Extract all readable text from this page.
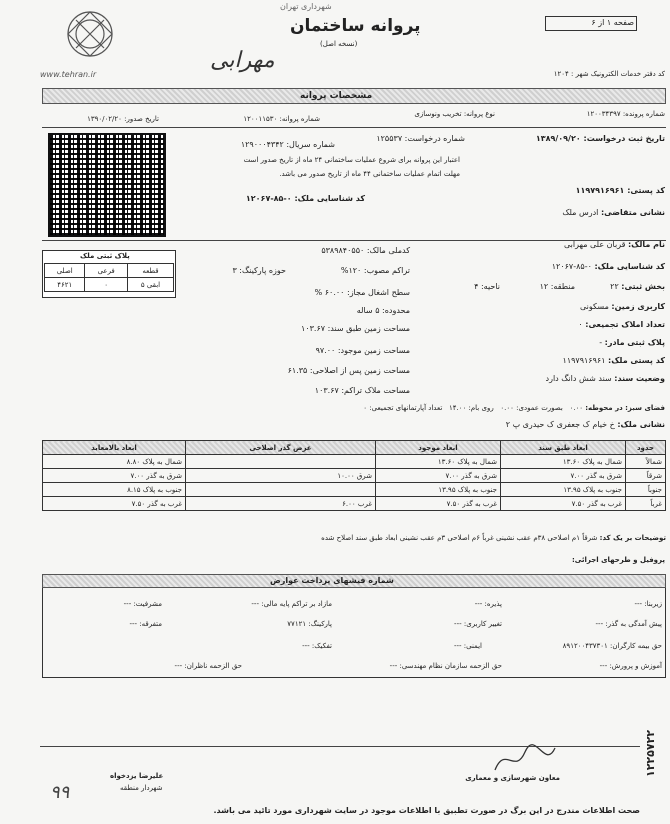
www.tehran.ir
مهرابی
شهرداری تهران
پروانه ساختمان
(نسخه اصل)
صفحه ۱ از ۶
کد دفتر خدمات الکترونیک شهر : ۱۲۰۴
مشخصات پروانه
شماره پرونده: ۱۲۰۰۳۴۳۹۷
نوع پروانه: تخریب ونوسازی
شماره پروانه: ۱۲۰۰۱۱۵۳۰
تاریخ صدور: ۱۳۹۰/۰۲/۲۰
تاریخ ثبت درخواست: ۱۳۸۹/۰۹/۲۰
شماره درخواست: ۱۲۵۵۳۷
شماره سریال: ۱۲۹۰۰۰۴۳۴۲
اعتبار این پروانه برای شروع عملیات ساختمانی ۲۴ ماه از تاریخ صدور است
مهلت اتمام عملیات ساختمانی ۴۴ ماه از تاریخ صدور می باشد.
کد پستی: ۱۱۹۷۹۱۶۹۶۱
کد شناسایی ملک: ۰-۸۵-۱۲۰۶۷
نشانی متقاضی: ادرس ملک
پلاک ثبتی ملک
قطعه	فرعی	اصلی
ابقی ۵	۰	۴۶۲۱
نام مالک: قربان علی مهرابی
کدملی مالک: ۵۳۸۹۸۴۰۵۵۰
کد شناسایی ملک: ۰-۸۵-۱۲۰۶۷
تراکم مصوب: ۱۲۰%
حوزه پارکینگ: ۳
بخش ثبتی: ۲۲
منطقه: ۱۲
ناحیه: ۴
سطح اشغال مجاز: ۶۰.۰۰ %
کاربری زمین: مسکونی
محدوده: ۵ ساله
تعداد املاک تجمیعی: ۰
مساحت زمین طبق سند: ۱۰۳.۶۷
پلاک ثبتی مادر: -
مساحت زمین موجود: ۹۷.۰۰
کد پستی ملک: ۱۱۹۷۹۱۶۹۶۱
مساحت زمین پس از اصلاحی: ۶۱.۳۵
وضعیت سند: سند شش دانگ دارد
مساحت ملاک تراکم: ۱۰۳.۶۷
فضای سبز: در محوطه: ۰.۰۰   بصورت عمودی: ۰.۰۰   روی بام: ۱۴.۰۰   تعداد آپارتمانهای تجمیعی: ۰
نشانی ملک: خ خیام ک جعفری ک حیدری پ ۲
حدود	ابعاد طبق سند	ابعاد موجود	عرض گذر اصلاحی	ابعاد بالامعابد
شمالاً	شمال به پلاک ۱۳.۶۰	شمال به پلاک ۱۳.۶۰		شمال به پلاک ۸.۸۰
شرقاً	شرق به گذر ۷.۰۰	شرق به گذر ۷.۰۰	شرق ۱۰.۰۰	شرق به گذر ۷.۰۰
جنوباً	جنوب به پلاک ۱۳.۹۵	جنوب به پلاک ۱۳.۹۵		جنوب به پلاک ۸.۱۵
غرباً	غرب به گذر ۷.۵۰	غرب به گذر ۷.۵۰	غرب ۶.۰۰	غرب به گذر ۷.۵۰
توضیحات بر یک کد: شرقاً ۱م اصلاحی ۳۸م عقب نشینی غرباً ۶م اصلاحی ۳م عقب نشینی ابعاد طبق سند اصلاح شده
پروفیل و طرحهای اجرائی:
شماره فیشهای پرداخت عوارض
زیربنا: ---
پذیره: ---
مازاد بر تراکم پایه مالی: ---
مشرفیت: ---
پیش آمدگی به گذر: ---
تغییر کاربری: ---
پارکینگ: ۷۷۱۲۱
متفرقه: ---
حق بیمه کارگران: ۸۹۱۲۰۰۴۳۷۳۰۱
ایمنی: ---
تفکیک: ---
آموزش و پرورش: ---
حق الزحمه سازمان نظام مهندسی: ---
حق الزحمه ناظران: ---
معاون شهرسازی و معماری
علیرضا یزدخواه
شهردار منطقه
۹۹
صحت اطلاعات مندرج در این برگ در صورت تطبیق با اطلاعات موجود در سایت شهرداری مورد تائید می باشد.
۱۲۲۵۷۲۲
